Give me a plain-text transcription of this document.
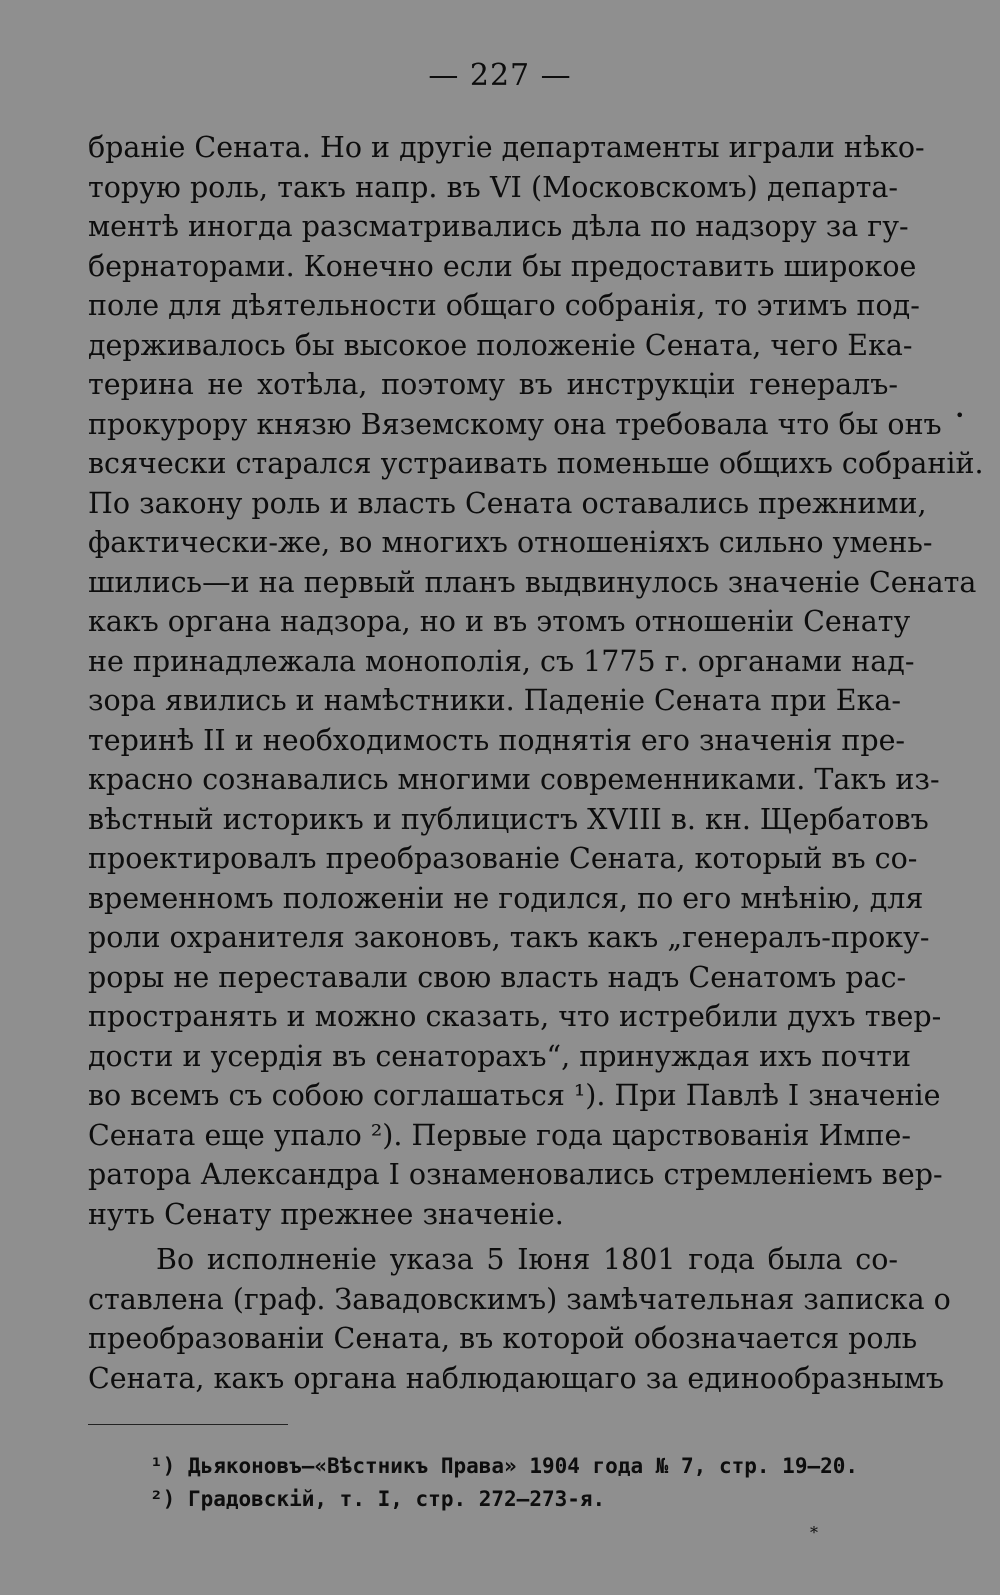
— 227 —
браніе Сената. Но и другіе департаменты играли нѣко-
торую роль, такъ напр. въ VI (Московскомъ) департа-
ментѣ иногда разсматривались дѣла по надзору за гу-
бернаторами. Конечно если бы предоставить широкое
поле для дѣятельности общаго собранія, то этимъ под-
держивалось бы высокое положеніе Сената, чего Ека-
терина не хотѣла, поэтому въ инструкціи генералъ-
прокурору князю Вяземскому она требовала что бы онъ
всячески старался устраивать поменьше общихъ собраній.
По закону роль и власть Сената оставались прежними,
фактически-же, во многихъ отношеніяхъ сильно умень-
шились—и на первый планъ выдвинулось значеніе Сената
какъ органа надзора, но и въ этомъ отношеніи Сенату
не принадлежала монополія, съ 1775 г. органами над-
зора явились и намѣстники. Паденіе Сената при Ека-
теринѣ II и необходимость поднятія его значенія пре-
красно сознавались многими современниками. Такъ из-
вѣстный историкъ и публицистъ XVIII в. кн. Щербатовъ
проектировалъ преобразованіе Сената, который въ со-
временномъ положеніи не годился, по его мнѣнію, для
роли охранителя законовъ, такъ какъ „генералъ-проку-
роры не переставали свою власть надъ Сенатомъ рас-
пространять и можно сказать, что истребили духъ твер-
дости и усердія въ сенаторахъ“, принуждая ихъ почти
во всемъ съ собою соглашаться ¹). При Павлѣ I значеніе
Сената еще упало ²). Первые года царствованія Импе-
ратора Александра I ознаменовались стремленіемъ вер-
нуть Сенату прежнее значеніе.
Во исполненіе указа 5 Іюня 1801 года была со-
ставлена (граф. Завадовскимъ) замѣчательная записка о
преобразованіи Сената, въ которой обозначается роль
Сената, какъ органа наблюдающаго за единообразнымъ
¹) Дьяконовъ—«Вѣстникъ Права» 1904 года № 7, стр. 19—20.
²) Градовскій, т. I, стр. 272—273-я.
•
*
